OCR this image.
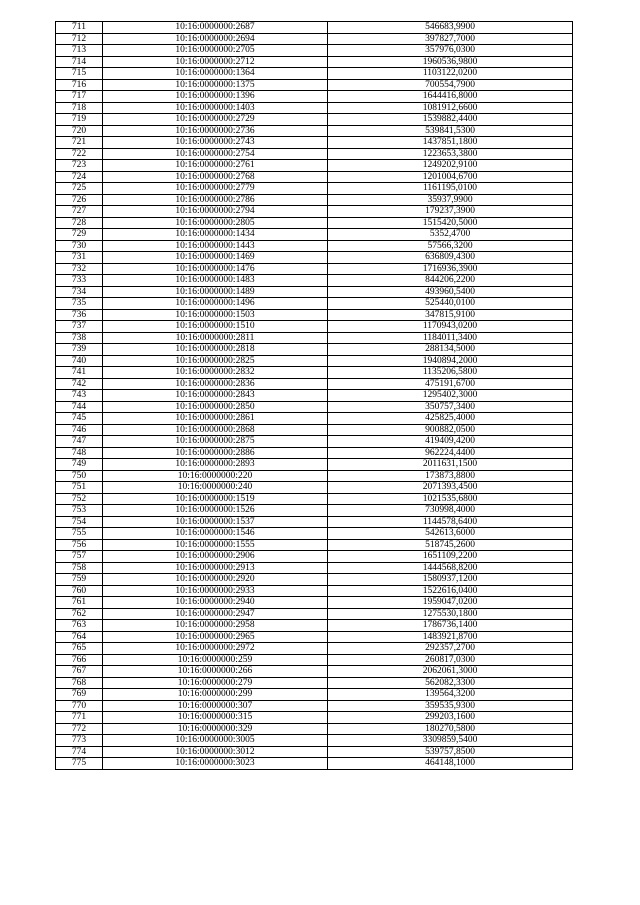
711	10:16:0000000:2687	546683,9900
712	10:16:0000000:2694	397827,7000
713	10:16:0000000:2705	357976,0300
714	10:16:0000000:2712	1960536,9800
715	10:16:0000000:1364	1103122,0200
716	10:16:0000000:1375	700554,7900
717	10:16:0000000:1396	1644416,8000
718	10:16:0000000:1403	1081912,6600
719	10:16:0000000:2729	1539882,4400
720	10:16:0000000:2736	539841,5300
721	10:16:0000000:2743	1437851,1800
722	10:16:0000000:2754	1223653,3800
723	10:16:0000000:2761	1249202,9100
724	10:16:0000000:2768	1201004,6700
725	10:16:0000000:2779	1161195,0100
726	10:16:0000000:2786	35937,9900
727	10:16:0000000:2794	179237,3900
728	10:16:0000000:2805	1515420,5000
729	10:16:0000000:1434	5352,4700
730	10:16:0000000:1443	57566,3200
731	10:16:0000000:1469	636809,4300
732	10:16:0000000:1476	1716936,3900
733	10:16:0000000:1483	844206,2200
734	10:16:0000000:1489	493960,5400
735	10:16:0000000:1496	525440,0100
736	10:16:0000000:1503	347815,9100
737	10:16:0000000:1510	1170943,0200
738	10:16:0000000:2811	1184011,3400
739	10:16:0000000:2818	288134,5000
740	10:16:0000000:2825	1940894,2000
741	10:16:0000000:2832	1135206,5800
742	10:16:0000000:2836	475191,6700
743	10:16:0000000:2843	1295402,3000
744	10:16:0000000:2850	350757,3400
745	10:16:0000000:2861	425825,4000
746	10:16:0000000:2868	900882,0500
747	10:16:0000000:2875	419409,4200
748	10:16:0000000:2886	962224,4400
749	10:16:0000000:2893	2011631,1500
750	10:16:0000000:220	173873,8800
751	10:16:0000000:240	2071393,4500
752	10:16:0000000:1519	1021535,6800
753	10:16:0000000:1526	730998,4000
754	10:16:0000000:1537	1144578,6400
755	10:16:0000000:1546	542613,6000
756	10:16:0000000:1555	518745,2600
757	10:16:0000000:2906	1651109,2200
758	10:16:0000000:2913	1444568,8200
759	10:16:0000000:2920	1580937,1200
760	10:16:0000000:2933	1522616,0400
761	10:16:0000000:2940	1959047,0200
762	10:16:0000000:2947	1275530,1800
763	10:16:0000000:2958	1786736,1400
764	10:16:0000000:2965	1483921,8700
765	10:16:0000000:2972	292357,2700
766	10:16:0000000:259	260817,0300
767	10:16:0000000:266	2062061,3000
768	10:16:0000000:279	562082,3300
769	10:16:0000000:299	139564,3200
770	10:16:0000000:307	359535,9300
771	10:16:0000000:315	299203,1600
772	10:16:0000000:329	180270,5800
773	10:16:0000000:3005	3309859,5400
774	10:16:0000000:3012	539757,8500
775	10:16:0000000:3023	464148,1000
